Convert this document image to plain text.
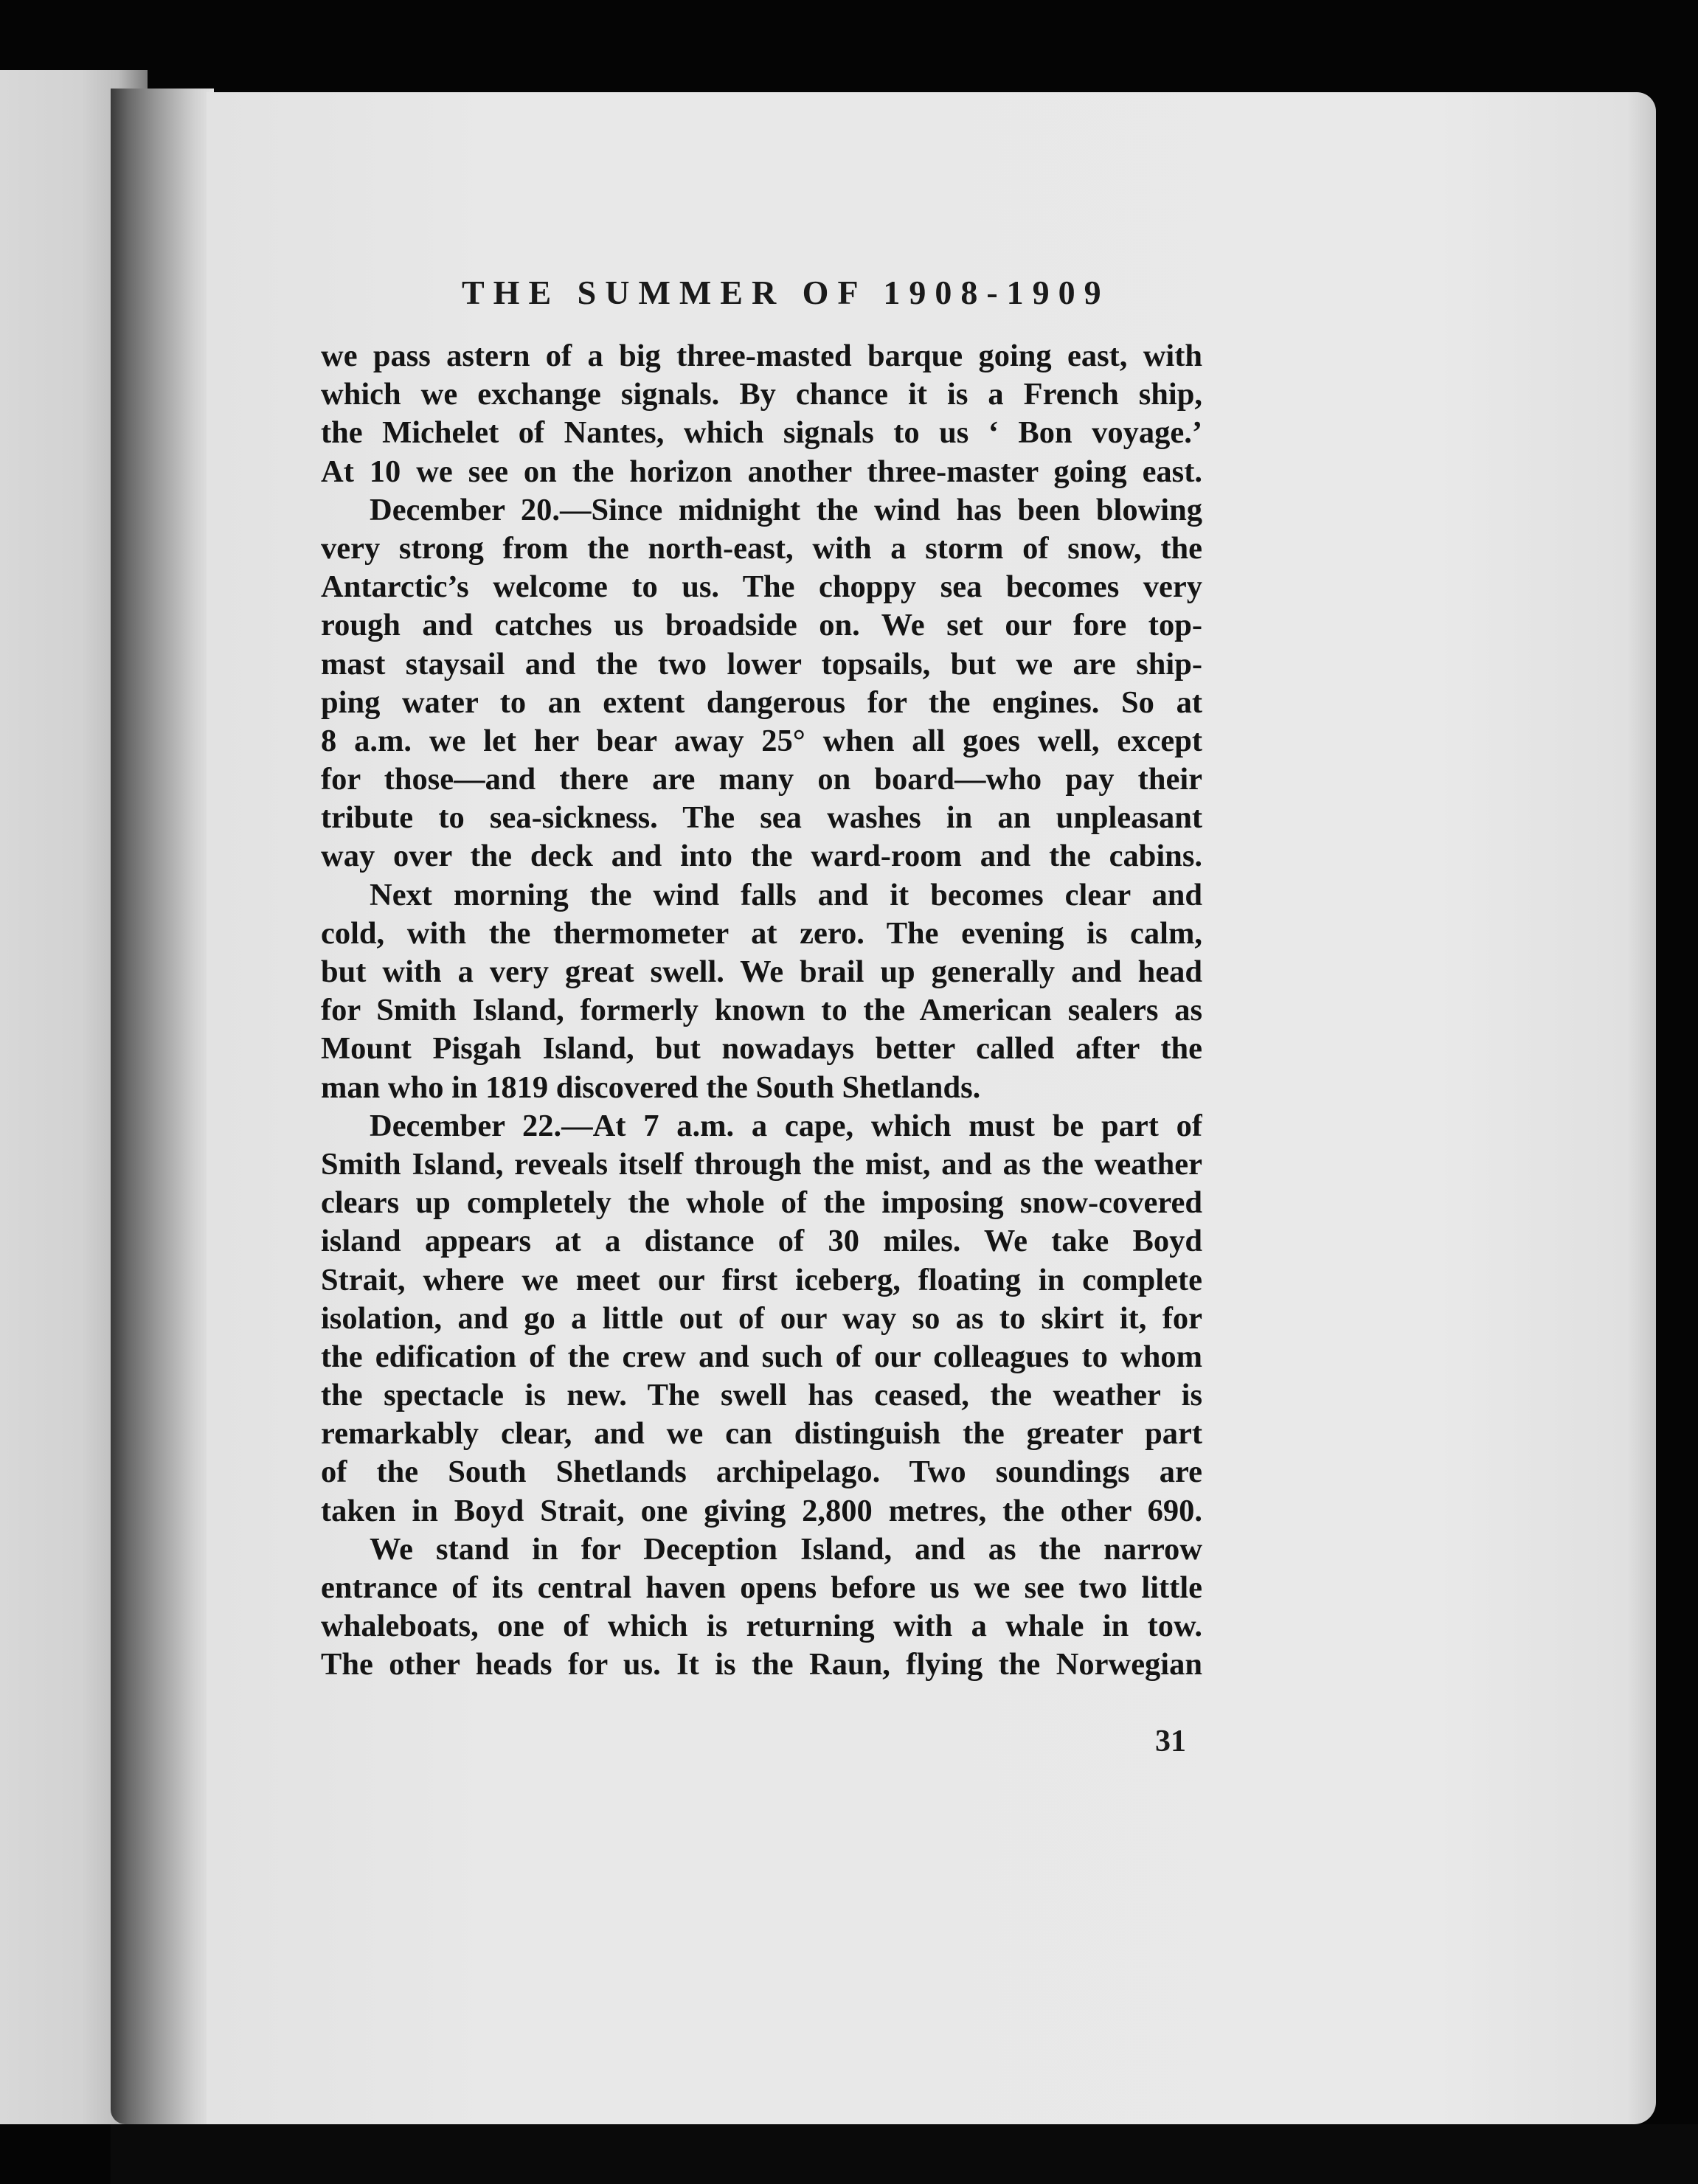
THE SUMMER OF 1908-1909
we pass astern of a big three-masted barque going east, with
which we exchange signals. By chance it is a French ship,
the Michelet of Nantes, which signals to us ‘ Bon voyage.’
At 10 we see on the horizon another three-master going east.
December 20.—Since midnight the wind has been blowing
very strong from the north-east, with a storm of snow, the
Antarctic’s welcome to us. The choppy sea becomes very
rough and catches us broadside on. We set our fore top-
mast staysail and the two lower topsails, but we are ship-
ping water to an extent dangerous for the engines. So at
8 a.m. we let her bear away 25° when all goes well, except
for those—and there are many on board—who pay their
tribute to sea-sickness. The sea washes in an unpleasant
way over the deck and into the ward-room and the cabins.
Next morning the wind falls and it becomes clear and
cold, with the thermometer at zero. The evening is calm,
but with a very great swell. We brail up generally and head
for Smith Island, formerly known to the American sealers as
Mount Pisgah Island, but nowadays better called after the
man who in 1819 discovered the South Shetlands.
December 22.—At 7 a.m. a cape, which must be part of
Smith Island, reveals itself through the mist, and as the weather
clears up completely the whole of the imposing snow-covered
island appears at a distance of 30 miles. We take Boyd
Strait, where we meet our first iceberg, floating in complete
isolation, and go a little out of our way so as to skirt it, for
the edification of the crew and such of our colleagues to whom
the spectacle is new. The swell has ceased, the weather is
remarkably clear, and we can distinguish the greater part
of the South Shetlands archipelago. Two soundings are
taken in Boyd Strait, one giving 2,800 metres, the other 690.
We stand in for Deception Island, and as the narrow
entrance of its central haven opens before us we see two little
whaleboats, one of which is returning with a whale in tow.
The other heads for us. It is the Raun, flying the Norwegian
31
